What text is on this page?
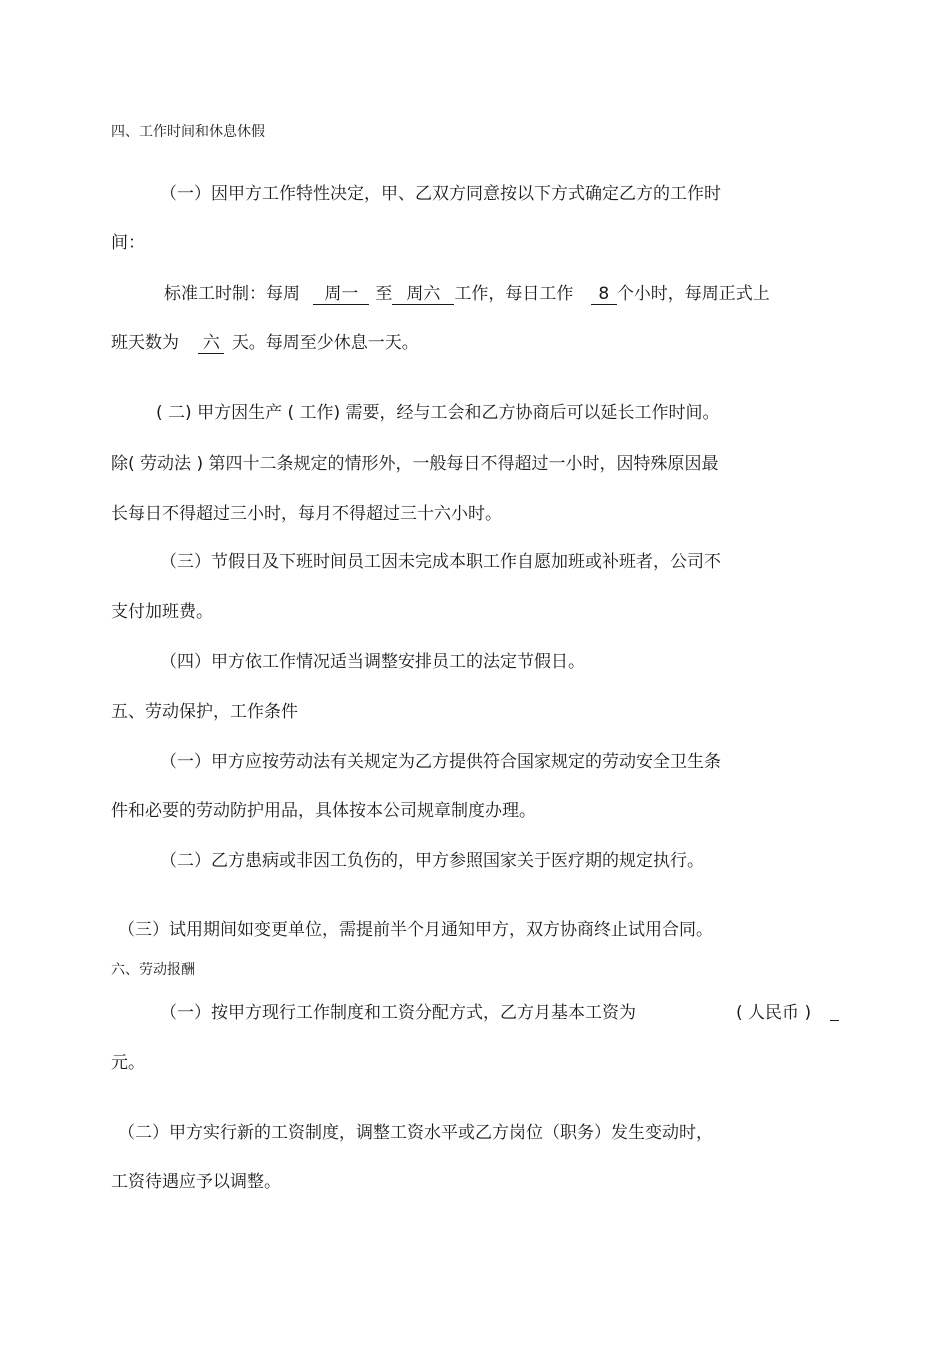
四、工作时间和休息休假
（一）因甲方工作特性决定，甲、乙双方同意按以下方式确定乙方的工作时
间：
标准工时制：每周 周一 至 周六 工作，每日工作 8 个小时，每周正式上
班天数为 六 天。每周至少休息一天。
( 二) 甲方因生产 ( 工作) 需要，经与工会和乙方协商后可以延长工作时间。
除( 劳动法 ) 第四十二条规定的情形外，一般每日不得超过一小时，因特殊原因最
长每日不得超过三小时，每月不得超过三十六小时。
（三）节假日及下班时间员工因未完成本职工作自愿加班或补班者，公司不
支付加班费。
（四）甲方依工作情况适当调整安排员工的法定节假日。
五、劳动保护，工作条件
（一）甲方应按劳动法有关规定为乙方提供符合国家规定的劳动安全卫生条
件和必要的劳动防护用品，具体按本公司规章制度办理。
（二）乙方患病或非因工负伤的，甲方参照国家关于医疗期的规定执行。
（三）试用期间如变更单位，需提前半个月通知甲方，双方协商终止试用合同。
六、劳动报酬
（一）按甲方现行工作制度和工资分配方式，乙方月基本工资为	( 人民币 )
元。
（二）甲方实行新的工资制度，调整工资水平或乙方岗位（职务）发生变动时，
工资待遇应予以调整。
